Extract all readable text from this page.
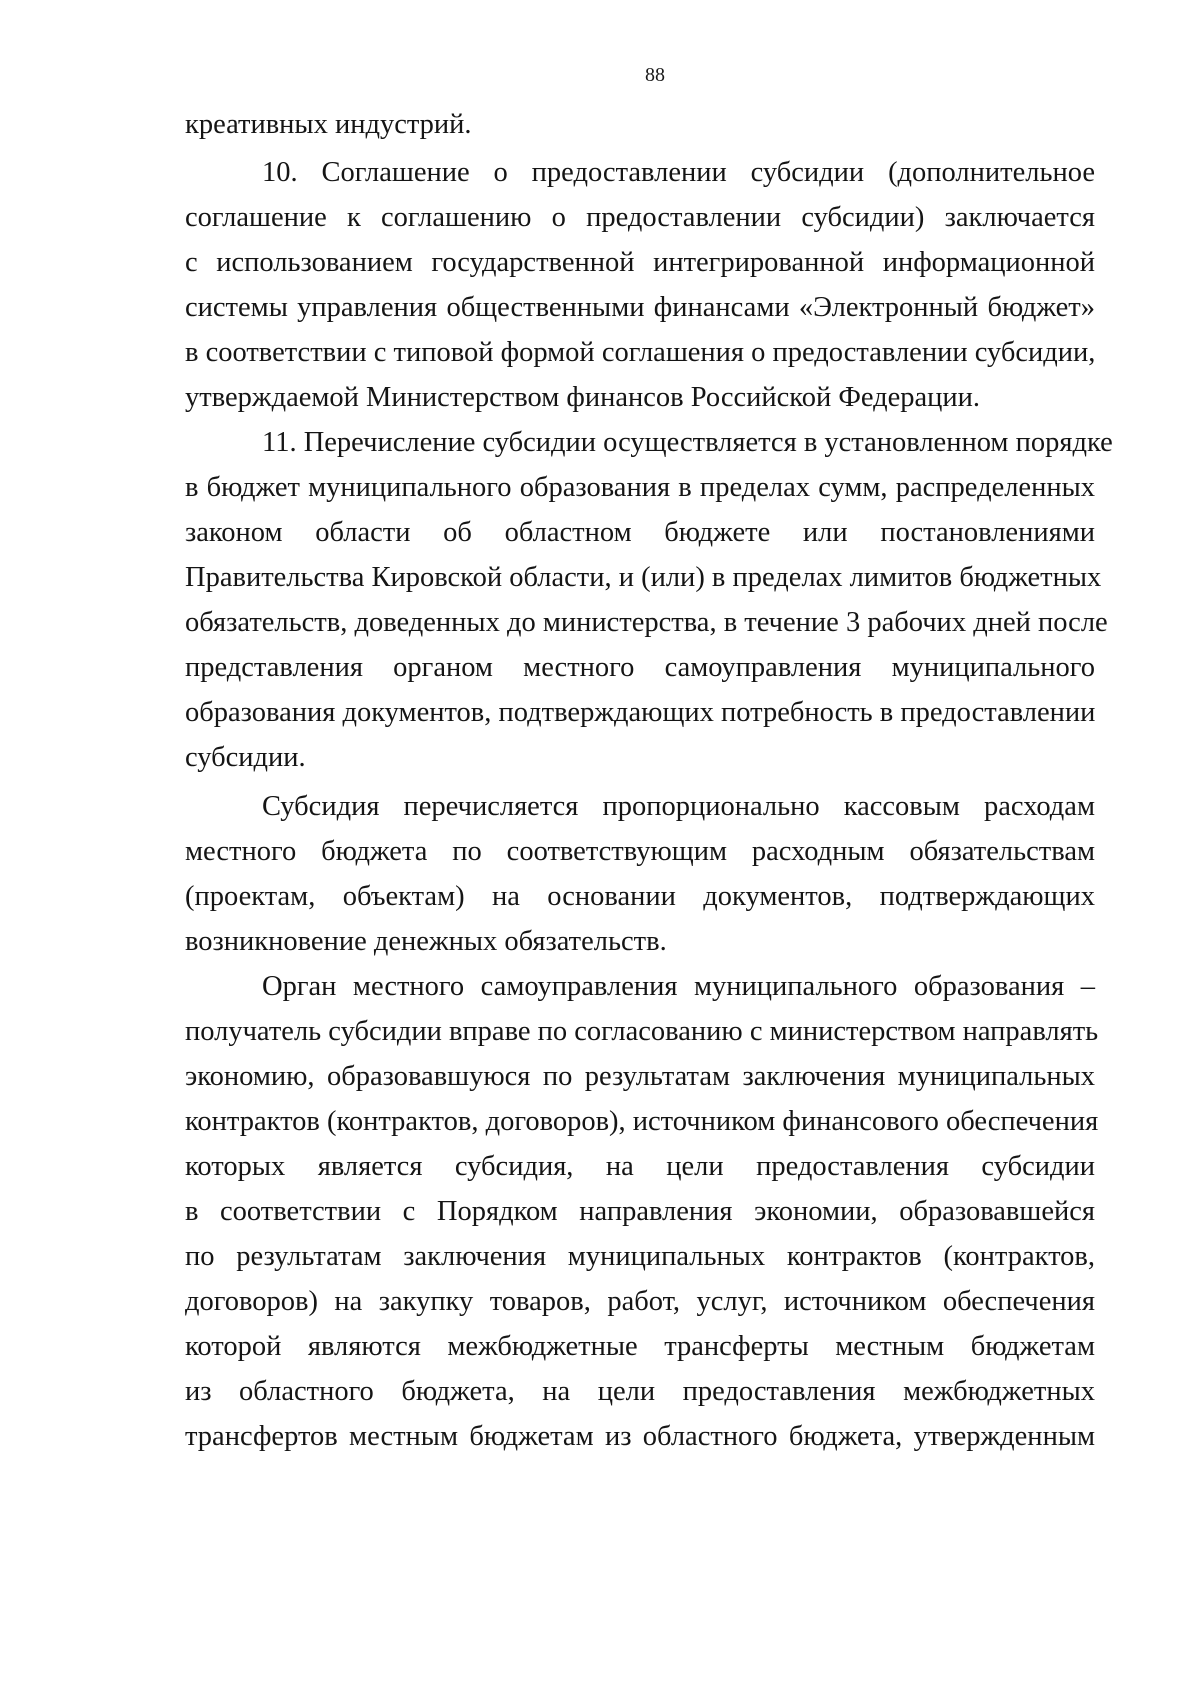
88
креативных индустрий.
10. Соглашение о предоставлении субсидии (дополнительное
соглашение к соглашению о предоставлении субсидии) заключается
с использованием государственной интегрированной информационной
системы управления общественными финансами «Электронный бюджет»
в соответствии с типовой формой соглашения о предоставлении субсидии,
утверждаемой Министерством финансов Российской Федерации.
11. Перечисление субсидии осуществляется в установленном порядке
в бюджет муниципального образования в пределах сумм, распределенных
законом области об областном бюджете или постановлениями
Правительства Кировской области, и (или) в пределах лимитов бюджетных
обязательств, доведенных до министерства, в течение 3 рабочих дней после
представления органом местного самоуправления муниципального
образования документов, подтверждающих потребность в предоставлении
субсидии.
Субсидия перечисляется пропорционально кассовым расходам
местного бюджета по соответствующим расходным обязательствам
(проектам, объектам) на основании документов, подтверждающих
возникновение денежных обязательств.
Орган местного самоуправления муниципального образования –
получатель субсидии вправе по согласованию с министерством направлять
экономию, образовавшуюся по результатам заключения муниципальных
контрактов (контрактов, договоров), источником финансового обеспечения
которых является субсидия, на цели предоставления субсидии
в соответствии с Порядком направления экономии, образовавшейся
по результатам заключения муниципальных контрактов (контрактов,
договоров) на закупку товаров, работ, услуг, источником обеспечения
которой являются межбюджетные трансферты местным бюджетам
из областного бюджета, на цели предоставления межбюджетных
трансфертов местным бюджетам из областного бюджета, утвержденным
